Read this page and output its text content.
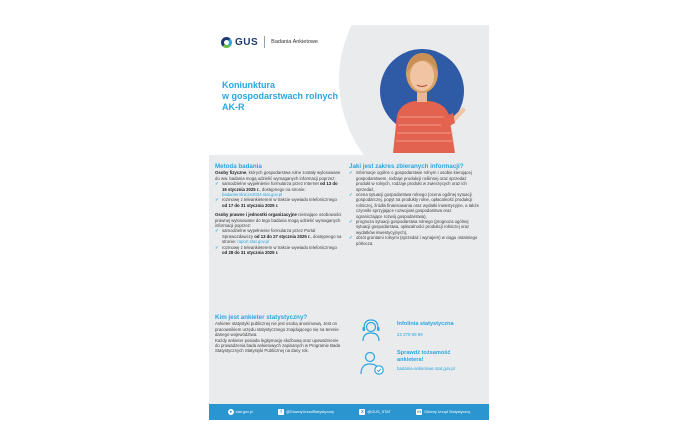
GUS Badania Ankietowe
Koniunktura
w gospodarstwach rolnych
AK-R
Metoda badania

Osoby fizyczne, których gospodarstwa rolne zostały wylosowane do ww. badania mogą udzielić wymaganych informacji poprzez:

✓ samodzielne wypełnienie formularza przez Internet od 13 do 16 stycznia 2025 r., dostępnego na stronie: badanierolnicze2024.stat.gov.pl
✓ rozmowę z teleankieterem w trakcie wywiadu telefonicznego od 17 do 31 stycznia 2025 r.

Osoby prawne i jednostki organizacyjne niemające osobowości prawnej wylosowane do tego badania mogą udzielić wymaganych informacji poprzez:

✓ samodzielne wypełnienie formularza przez Portal Sprawozdawczy od 13 do 27 stycznia 2025 r., dostępnego na stronie: raport.stat.gov.pl
✓ rozmowę z teleankieterem w trakcie wywiadu telefonicznego od 28 do 31 stycznia 2025 r.
Jaki jest zakres zbieranych informacji?
✓ informacje ogólne o gospodarstwie rolnym i osobie kierującej gospodarstwem, rodzaje produkcji roślinnej oraz sprzedaż produkt w rolnych, rodzaje produkt w zwierzęcych oraz ich sprzedaż,
✓ ocena sytuacji gospodarstwa rolnego (ocena ogólnej sytuacji gospodarczej, popyt na produkty rolne, opłacalność produkcji rolniczej, źródła finansowania oraz wydatki inwestycyjne, a także czynniki sprzyjające rozwojowi gospodarstwa oraz ograniczające rozwój gospodarstwa),
✓ prognoza sytuacji gospodarstwa rolnego (prognoza ogólnej sytuacji gospodarstwa, opłacalności produkcji rolniczej oraz wydatków inwestycyjnych),
✓ obrót gruntami rolnymi (sprzedaż i wynajem) w ciągu ostatniego półrocza.
Kim jest ankieter statystyczny?

Ankieter statystyki publicznej nie jest osobą anonimową. Jest on pracownikiem urzędu statystycznego znajdującego się na terenie danego województwa.

Każdy ankieter posiada legitymację służbową oraz upoważnienie do prowadzenia bada ankietowych zapisanych w Programie Bada Statystycznych Statystyki Publicznej na dany rok.

Infolinia statystyczna
22 279 99 99
Sprawdź tożsamość
ankietera!
badania-ankietowe.stat.gov.pl
● stat.gov.pl	f	@GlownyUrzadStatystyczny	X @GUS_STAT	in Główny Urząd Statystyczny
